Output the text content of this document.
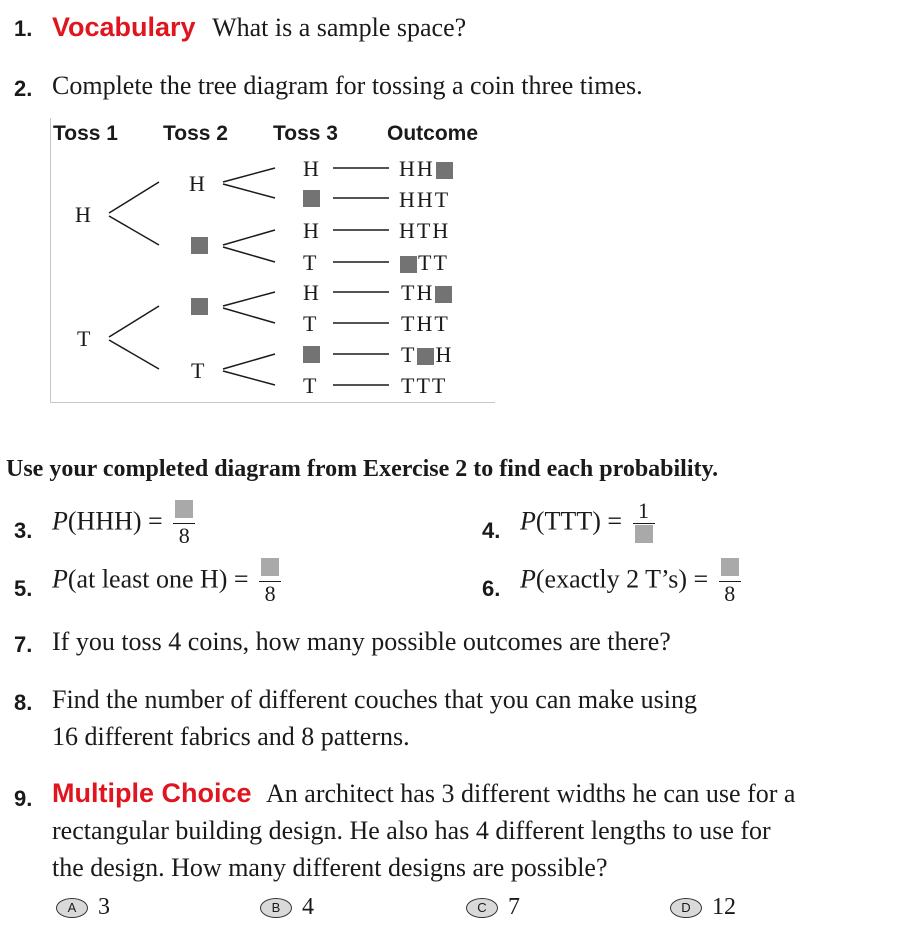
1. Vocabulary What is a sample space?
2. Complete the tree diagram for tossing a coin three times.
Toss 1 Toss 2 Toss 3 Outcome
H
T
H
T
H
H
T
H
T
T
HH
HHT
HTH
TT
TH
THT
T H
TTT
Use your completed diagram from Exercise 2 to find each probability.
3. P(HHH) =
8	4. P(TTT) = 1
5. P(at least one H) =
8	6. P(exactly 2 T’s) =
8
7. If you toss 4 coins, how many possible outcomes are there?
8. Find the number of different couches that you can make using
16 different fabrics and 8 patterns.
9. Multiple Choice An architect has 3 different widths he can use for a
rectangular building design. He also has 4 different lengths to use for
the design. How many different designs are possible?
A 3	B 4	C 7	D 12
